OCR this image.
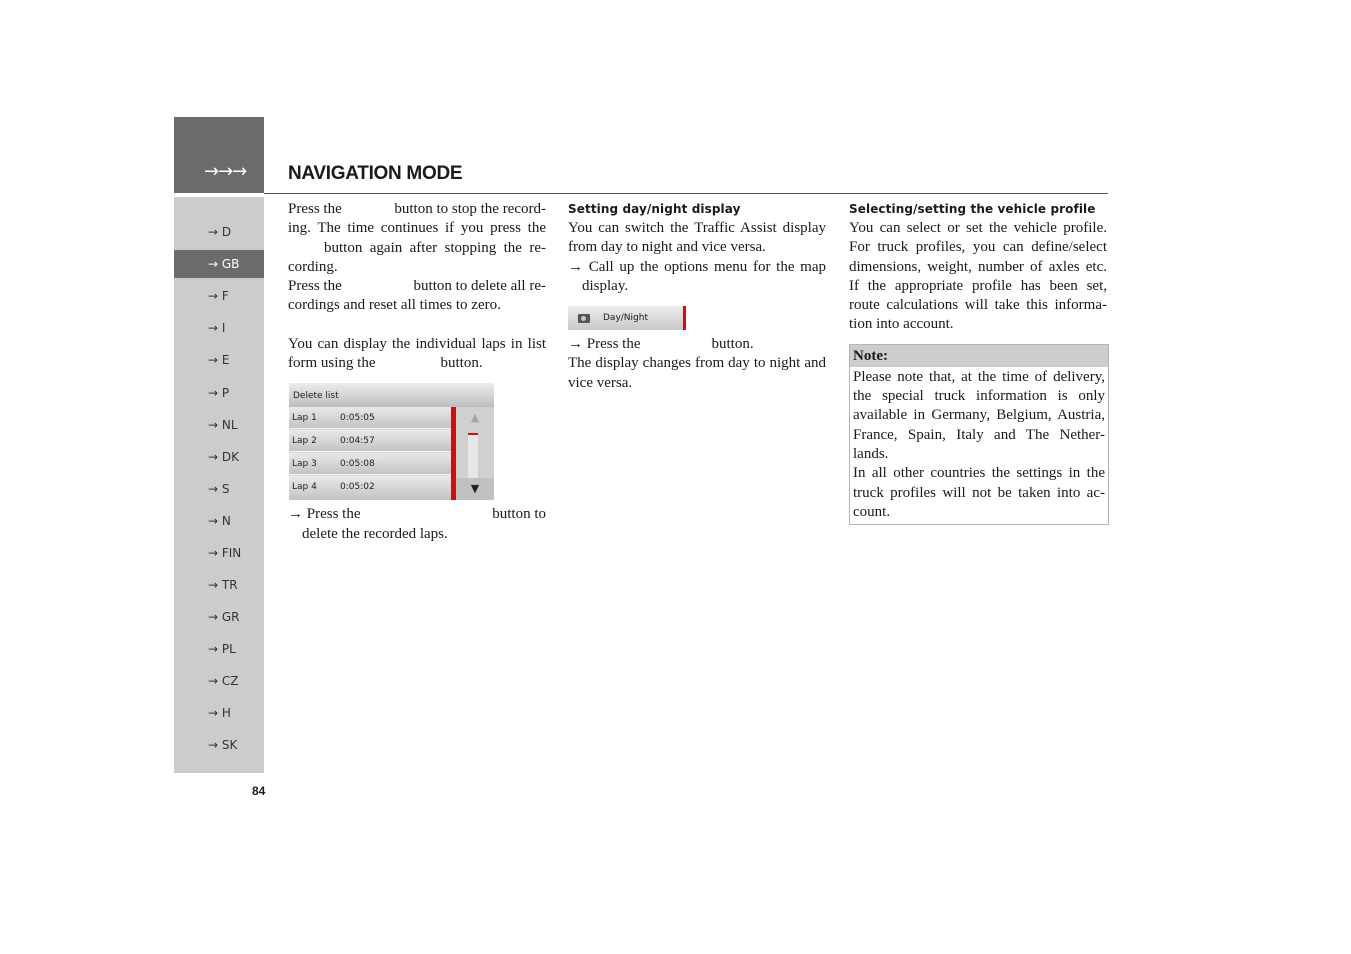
→→→ NAVIGATION MODE
→ D
→ GB
→ F
→ I
→ E
→ P
→ NL
→ DK
→ S
→ N
→ FIN
→ TR
→ GR
→ PL
→ CZ
→ H
→ SK
84

Press the	button to stop the record-

ing. The time continues if you press the

button again after stopping the re-

cording.

Press the	button to delete all re-

cordings and reset all times to zero.

You can display the individual laps in list

form using the	button.

Delete list
Lap 1	0:05:05
Lap 2	0:04:57
Lap 3	0:05:08
Lap 4	0:05:02
▲
▼

→ Press the	button to

delete the recorded laps.

Setting day/night display

You can switch the Traffic Assist display from day to night and vice versa.

→ Call up the options menu for the map display.

Day/Night

→ Press the	button.

The display changes from day to night and vice versa.

Selecting/setting the vehicle profile

You can select or set the vehicle profile. For truck profiles, you can define/select dimensions, weight, number of axles etc. If the appropriate profile has been set, route calculations will take this informa-tion into account.

Note:

Please note that, at the time of delivery, the special truck information is only available in Germany, Belgium, Austria, France, Spain, Italy and The Nether-lands.

In all other countries the settings in the truck profiles will not be taken into ac-count.
